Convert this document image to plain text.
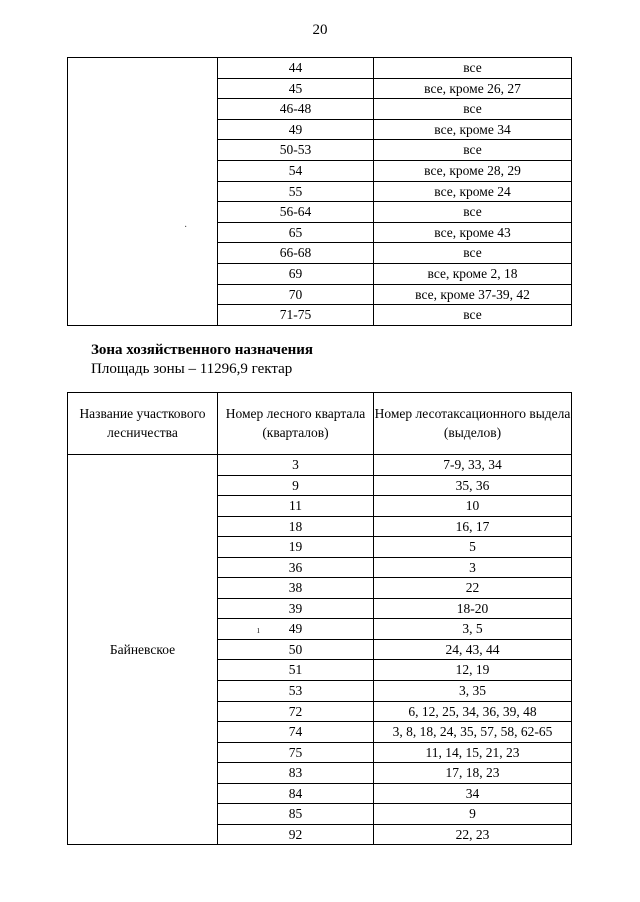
20
	44	все
	45	все, кроме 26, 27
	46-48	все
	49	все, кроме 34
	50-53	все
	54	все, кроме 28, 29
	55	все, кроме 24
	56-64	все
	65	все, кроме 43
	66-68	все
	69	все, кроме 2, 18
	70	все, кроме 37-39, 42
	71-75	все
Зона хозяйственного назначения
Площадь зоны – 11296,9 гектар
Название участкового лесничества	Номер лесного квартала (кварталов)	Номер лесотаксационного выдела (выделов)
Байневское	3	7-9, 33, 34
	9	35, 36
	11	10
	18	16, 17
	19	5
	36	3
	38	22
	39	18-20
	49	3, 5
	50	24, 43, 44
	51	12, 19
	53	3, 35
	72	6, 12, 25, 34, 36, 39, 48
	74	3, 8, 18, 24, 35, 57, 58, 62-65
	75	11, 14, 15, 21, 23
	83	17, 18, 23
	84	34
	85	9
	92	22, 23
·
ı
